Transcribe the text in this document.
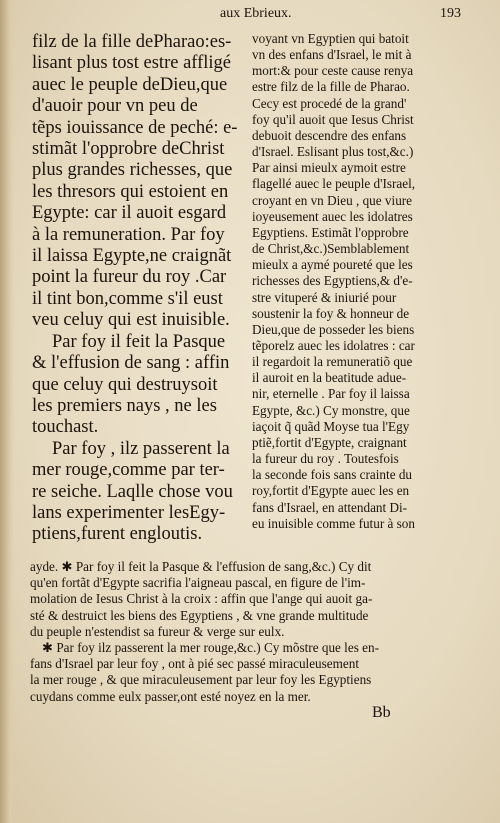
aux Ebrieux.	193
filz de la fille dePharao:es-
lisant plus tost estre affligé
auec le peuple deDieu,que
d'auoir pour vn peu de
tẽps iouissance de peché: e-
stimãt l'opprobre deChrist
plus grandes richesses, que
les thresors qui estoient en
Egypte: car il auoit esgard
à la remuneration. Par foy
il laissa Egypte,ne craignãt
point la fureur du roy .Car
il tint bon,comme s'il eust
veu celuy qui est inuisible.
Par foy il feit la Pasque
& l'effusion de sang : affin
que celuy qui destruysoit
les premiers nays , ne les
touchast.
Par foy , ilz passerent la
mer rouge,comme par ter-
re seiche. Laqlle chose vou
lans experimenter lesEgy-
ptiens,furent engloutis.
voyant vn Egyptien qui batoit
vn des enfans d'Israel, le mit à
mort:& pour ceste cause renya
estre filz de la fille de Pharao.
Cecy est procedé de la grand'
foy qu'il auoit que Iesus Christ
debuoit descendre des enfans
d'Israel. Eslisant plus tost,&c.)
Par ainsi mieulx aymoit estre
flagellé auec le peuple d'Israel,
croyant en vn Dieu , que viure
ioyeusement auec les idolatres
Egyptiens. Estimãt l'opprobre
de Christ,&c.)Semblablement
mieulx a aymé poureté que les
richesses des Egyptiens,& d'e-
stre vituperé & iniurié pour
soustenir la foy & honneur de
Dieu,que de posseder les biens
tẽporelz auec les idolatres : car
il regardoit la remuneratiõ que
il auroit en la beatitude adue-
nir, eternelle . Par foy il laissa
Egypte, &c.) Cy monstre, que
iaçoit q̃ quãd Moyse tua l'Egy
ptiẽ,fortit d'Egypte, craignant
la fureur du roy . Toutesfois
la seconde fois sans crainte du
roy,fortit d'Egypte auec les en
fans d'Israel, en attendant Di-
eu inuisible comme futur à son
ayde. ✱ Par foy il feit la Pasque & l'effusion de sang,&c.) Cy dit
qu'en fortãt d'Egypte sacrifia l'aigneau pascal, en figure de l'im-
molation de Iesus Christ à la croix : affin que l'ange qui auoit ga-
sté & destruict les biens des Egyptiens , & vne grande multitude
du peuple n'estendist sa fureur & verge sur eulx.
✱ Par foy ilz passerent la mer rouge,&c.) Cy mõstre que les en-
fans d'Israel par leur foy , ont à pié sec passé miraculeusement
la mer rouge , & que miraculeusement par leur foy les Egyptiens
cuydans comme eulx passer,ont esté noyez en la mer.
Bb
